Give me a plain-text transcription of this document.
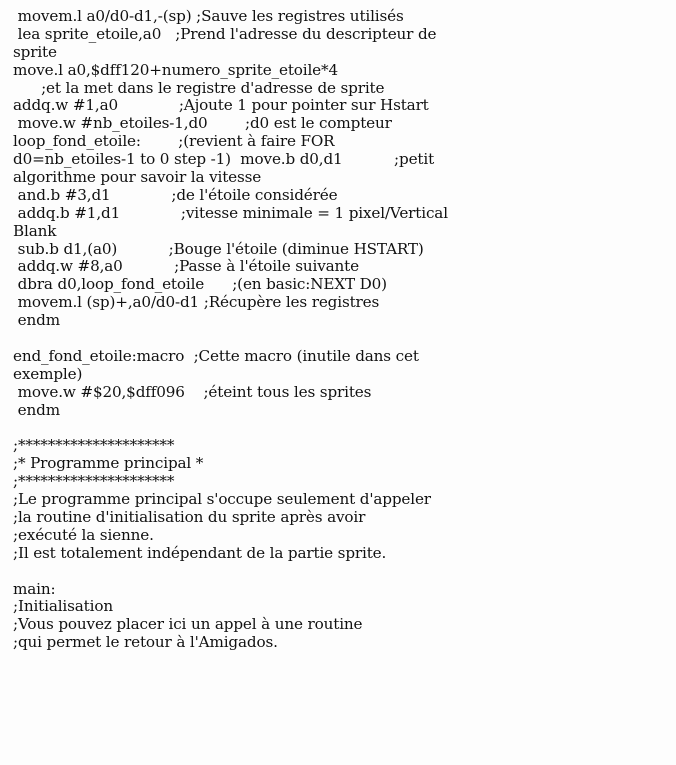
movem.l a0/d0-d1,-(sp) ;Sauve les registres utilisés
lea sprite_etoile,a0   ;Prend l'adresse du descripteur de
sprite
move.l a0,$dff120+numero_sprite_etoile*4
;et la met dans le registre d'adresse de sprite
addq.w #1,a0             ;Ajoute 1 pour pointer sur Hstart
move.w #nb_etoiles-1,d0        ;d0 est le compteur
loop_fond_etoile:        ;(revient à faire FOR
d0=nb_etoiles-1 to 0 step -1)  move.b d0,d1           ;petit
algorithme pour savoir la vitesse
and.b #3,d1             ;de l'étoile considérée
addq.b #1,d1             ;vitesse minimale = 1 pixel/Vertical
Blank
sub.b d1,(a0)           ;Bouge l'étoile (diminue HSTART)
addq.w #8,a0           ;Passe à l'étoile suivante
dbra d0,loop_fond_etoile      ;(en basic:NEXT D0)
movem.l (sp)+,a0/d0-d1 ;Récupère les registres
endm
end_fond_etoile:macro  ;Cette macro (inutile dans cet
exemple)
move.w #$20,$dff096    ;éteint tous les sprites
endm
;*********************
;* Programme principal *
;*********************
;Le programme principal s'occupe seulement d'appeler
;la routine d'initialisation du sprite après avoir
;exécuté la sienne.
;Il est totalement indépendant de la partie sprite.
main:
;Initialisation
;Vous pouvez placer ici un appel à une routine
;qui permet le retour à l'Amigados.
